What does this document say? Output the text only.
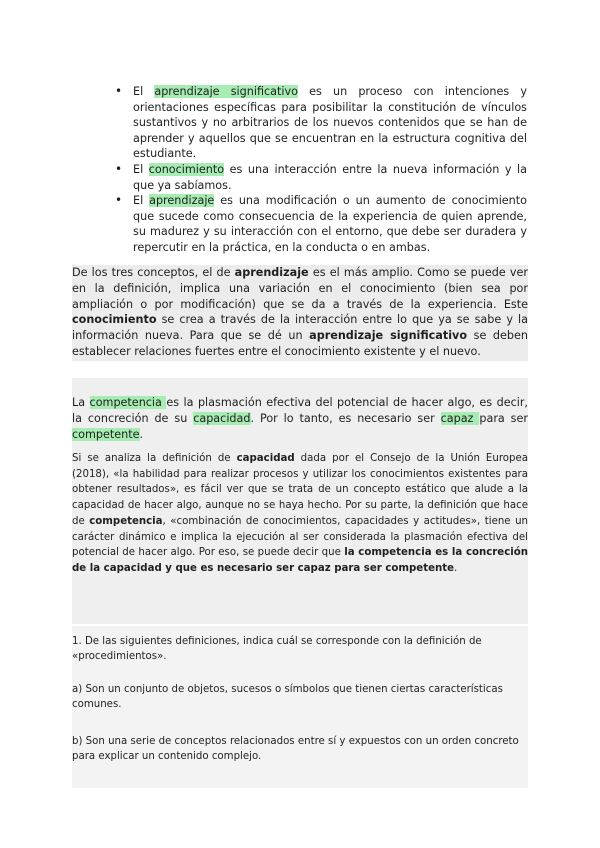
• El aprendizaje significativo es un proceso con intenciones y orientaciones específicas para posibilitar la constitución de vínculos sustantivos y no arbitrarios de los nuevos contenidos que se han de aprender y aquellos que se encuentran en la estructura cognitiva del estudiante.
• El conocimiento es una interacción entre la nueva información y la que ya sabíamos.
• El aprendizaje es una modificación o un aumento de conocimiento que sucede como consecuencia de la experiencia de quien aprende, su madurez y su interacción con el entorno, que debe ser duradera y repercutir en la práctica, en la conducta o en ambas.

De los tres conceptos, el de aprendizaje es el más amplio. Como se puede ver en la definición, implica una variación en el conocimiento (bien sea por ampliación o por modificación) que se da a través de la experiencia. Este conocimiento se crea a través de la interacción entre lo que ya se sabe y la información nueva. Para que se dé un aprendizaje significativo se deben establecer relaciones fuertes entre el conocimiento existente y el nuevo.

La competencia es la plasmación efectiva del potencial de hacer algo, es decir, la concreción de su capacidad. Por lo tanto, es necesario ser capaz para ser competente.

Si se analiza la definición de capacidad dada por el Consejo de la Unión Europea (2018), «la habilidad para realizar procesos y utilizar los conocimientos existentes para obtener resultados», es fácil ver que se trata de un concepto estático que alude a la capacidad de hacer algo, aunque no se haya hecho. Por su parte, la definición que hace de competencia, «combinación de conocimientos, capacidades y actitudes», tiene un carácter dinámico e implica la ejecución al ser considerada la plasmación efectiva del potencial de hacer algo. Por eso, se puede decir que la competencia es la concreción de la capacidad y que es necesario ser capaz para ser competente.

1. De las siguientes definiciones, indica cuál se corresponde con la definición de «procedimientos».

a) Son un conjunto de objetos, sucesos o símbolos que tienen ciertas características comunes.

b) Son una serie de conceptos relacionados entre sí y expuestos con un orden concreto para explicar un contenido complejo.
